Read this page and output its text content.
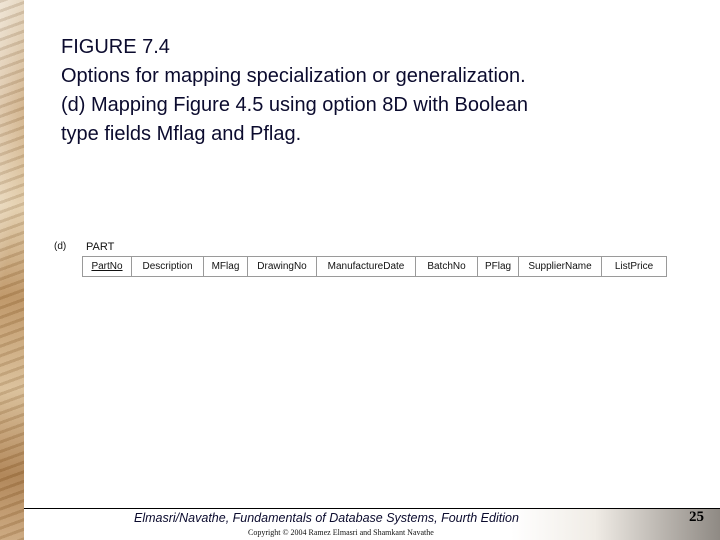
FIGURE 7.4
Options for mapping specialization or generalization.
(d) Mapping Figure 4.5 using option 8D with Boolean
type fields Mflag and Pflag.
(d) PART
PartNo	Description	MFlag	DrawingNo	ManufactureDate	BatchNo	PFlag	SupplierName	ListPrice
Elmasri/Navathe, Fundamentals of Database Systems, Fourth Edition
Copyright © 2004 Ramez Elmasri and Shamkant Navathe
25
